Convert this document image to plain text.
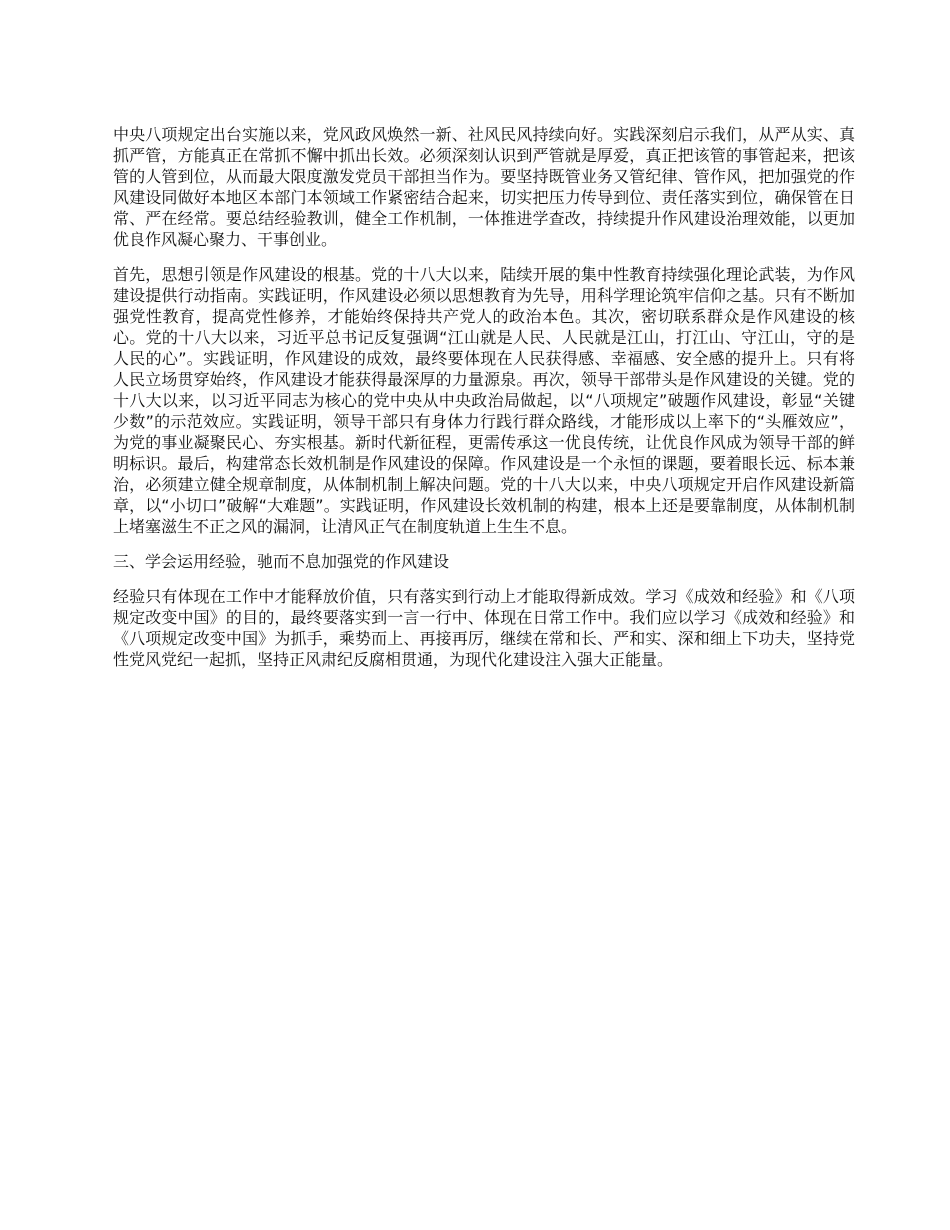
中央八项规定出台实施以来，党风政风焕然一新、社风民风持续向好。实践深刻启示我们，从严从实、真抓严管，方能真正在常抓不懈中抓出长效。必须深刻认识到严管就是厚爱，真正把该管的事管起来，把该管的人管到位，从而最大限度激发党员干部担当作为。要坚持既管业务又管纪律、管作风，把加强党的作风建设同做好本地区本部门本领域工作紧密结合起来，切实把压力传导到位、责任落实到位，确保管在日常、严在经常。要总结经验教训，健全工作机制，一体推进学查改，持续提升作风建设治理效能，以更加优良作风凝心聚力、干事创业。

首先，思想引领是作风建设的根基。党的十八大以来，陆续开展的集中性教育持续强化理论武装，为作风建设提供行动指南。实践证明，作风建设必须以思想教育为先导，用科学理论筑牢信仰之基。只有不断加强党性教育，提高党性修养，才能始终保持共产党人的政治本色。其次，密切联系群众是作风建设的核心。党的十八大以来，习近平总书记反复强调“江山就是人民、人民就是江山，打江山、守江山，守的是人民的心”。实践证明，作风建设的成效，最终要体现在人民获得感、幸福感、安全感的提升上。只有将人民立场贯穿始终，作风建设才能获得最深厚的力量源泉。再次，领导干部带头是作风建设的关键。党的十八大以来，以习近平同志为核心的党中央从中央政治局做起，以“八项规定”破题作风建设，彰显“关键少数”的示范效应。实践证明，领导干部只有身体力行践行群众路线，才能形成以上率下的“头雁效应”，为党的事业凝聚民心、夯实根基。新时代新征程，更需传承这一优良传统，让优良作风成为领导干部的鲜明标识。最后，构建常态长效机制是作风建设的保障。作风建设是一个永恒的课题，要着眼长远、标本兼治，必须建立健全规章制度，从体制机制上解决问题。党的十八大以来，中央八项规定开启作风建设新篇章，以“小切口”破解“大难题”。实践证明，作风建设长效机制的构建，根本上还是要靠制度，从体制机制上堵塞滋生不正之风的漏洞，让清风正气在制度轨道上生生不息。

三、学会运用经验，驰而不息加强党的作风建设

经验只有体现在工作中才能释放价值，只有落实到行动上才能取得新成效。学习《成效和经验》和《八项规定改变中国》的目的，最终要落实到一言一行中、体现在日常工作中。我们应以学习《成效和经验》和《八项规定改变中国》为抓手，乘势而上、再接再厉，继续在常和长、严和实、深和细上下功夫，坚持党性党风党纪一起抓，坚持正风肃纪反腐相贯通，为现代化建设注入强大正能量。
